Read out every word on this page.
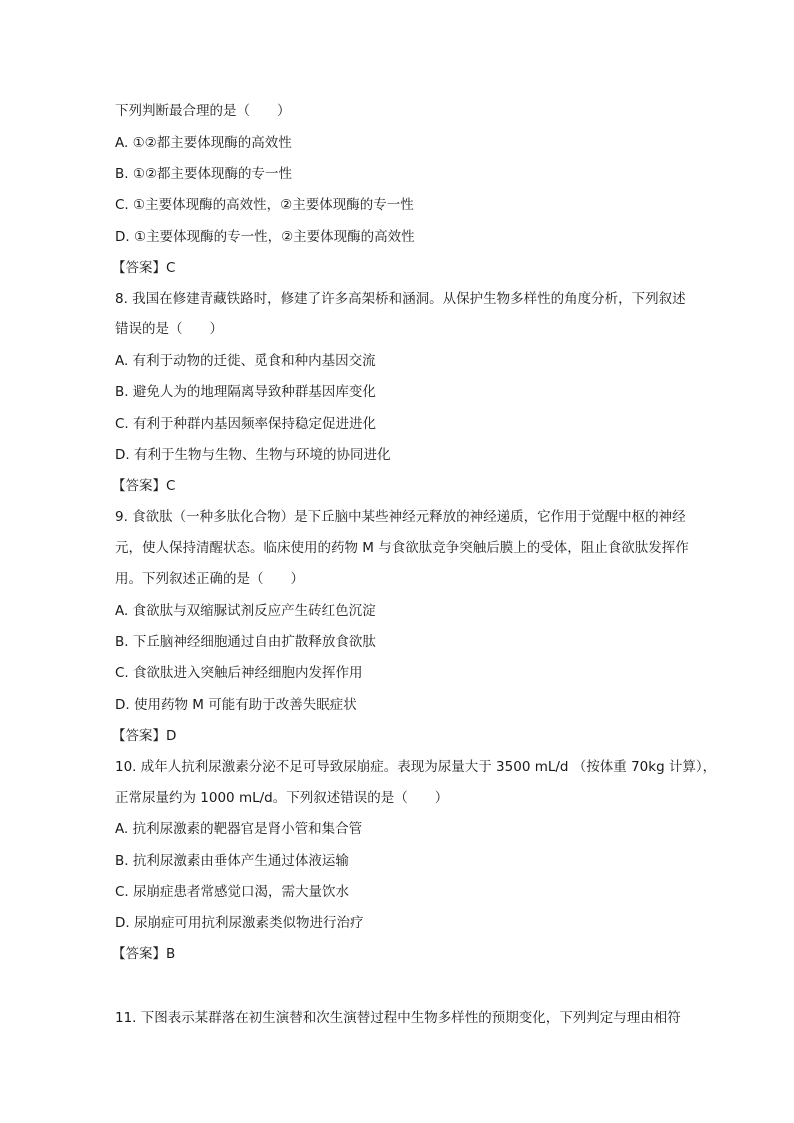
下列判断最合理的是（　　）
A. ①②都主要体现酶的高效性
B. ①②都主要体现酶的专一性
C. ①主要体现酶的高效性，②主要体现酶的专一性
D. ①主要体现酶的专一性，②主要体现酶的高效性
【答案】C
8. 我国在修建青藏铁路时，修建了许多高架桥和涵洞。从保护生物多样性的角度分析，下列叙述
错误的是（　　）
A. 有利于动物的迁徙、觅食和种内基因交流
B. 避免人为的地理隔离导致种群基因库变化
C. 有利于种群内基因频率保持稳定促进进化
D. 有利于生物与生物、生物与环境的协同进化
【答案】C
9. 食欲肽（一种多肽化合物）是下丘脑中某些神经元释放的神经递质，它作用于觉醒中枢的神经
元，使人保持清醒状态。临床使用的药物 M 与食欲肽竞争突触后膜上的受体，阻止食欲肽发挥作
用。下列叙述正确的是（　　）
A. 食欲肽与双缩脲试剂反应产生砖红色沉淀
B. 下丘脑神经细胞通过自由扩散释放食欲肽
C. 食欲肽进入突触后神经细胞内发挥作用
D. 使用药物 M 可能有助于改善失眠症状
【答案】D
10. 成年人抗利尿激素分泌不足可导致尿崩症。表现为尿量大于 3500 mL/d （按体重 70kg 计算），
正常尿量约为 1000 mL/d。下列叙述错误的是（　　）
A. 抗利尿激素的靶器官是肾小管和集合管
B. 抗利尿激素由垂体产生通过体液运输
C. 尿崩症患者常感觉口渴，需大量饮水
D. 尿崩症可用抗利尿激素类似物进行治疗
【答案】B
11. 下图表示某群落在初生演替和次生演替过程中生物多样性的预期变化，下列判定与理由相符
